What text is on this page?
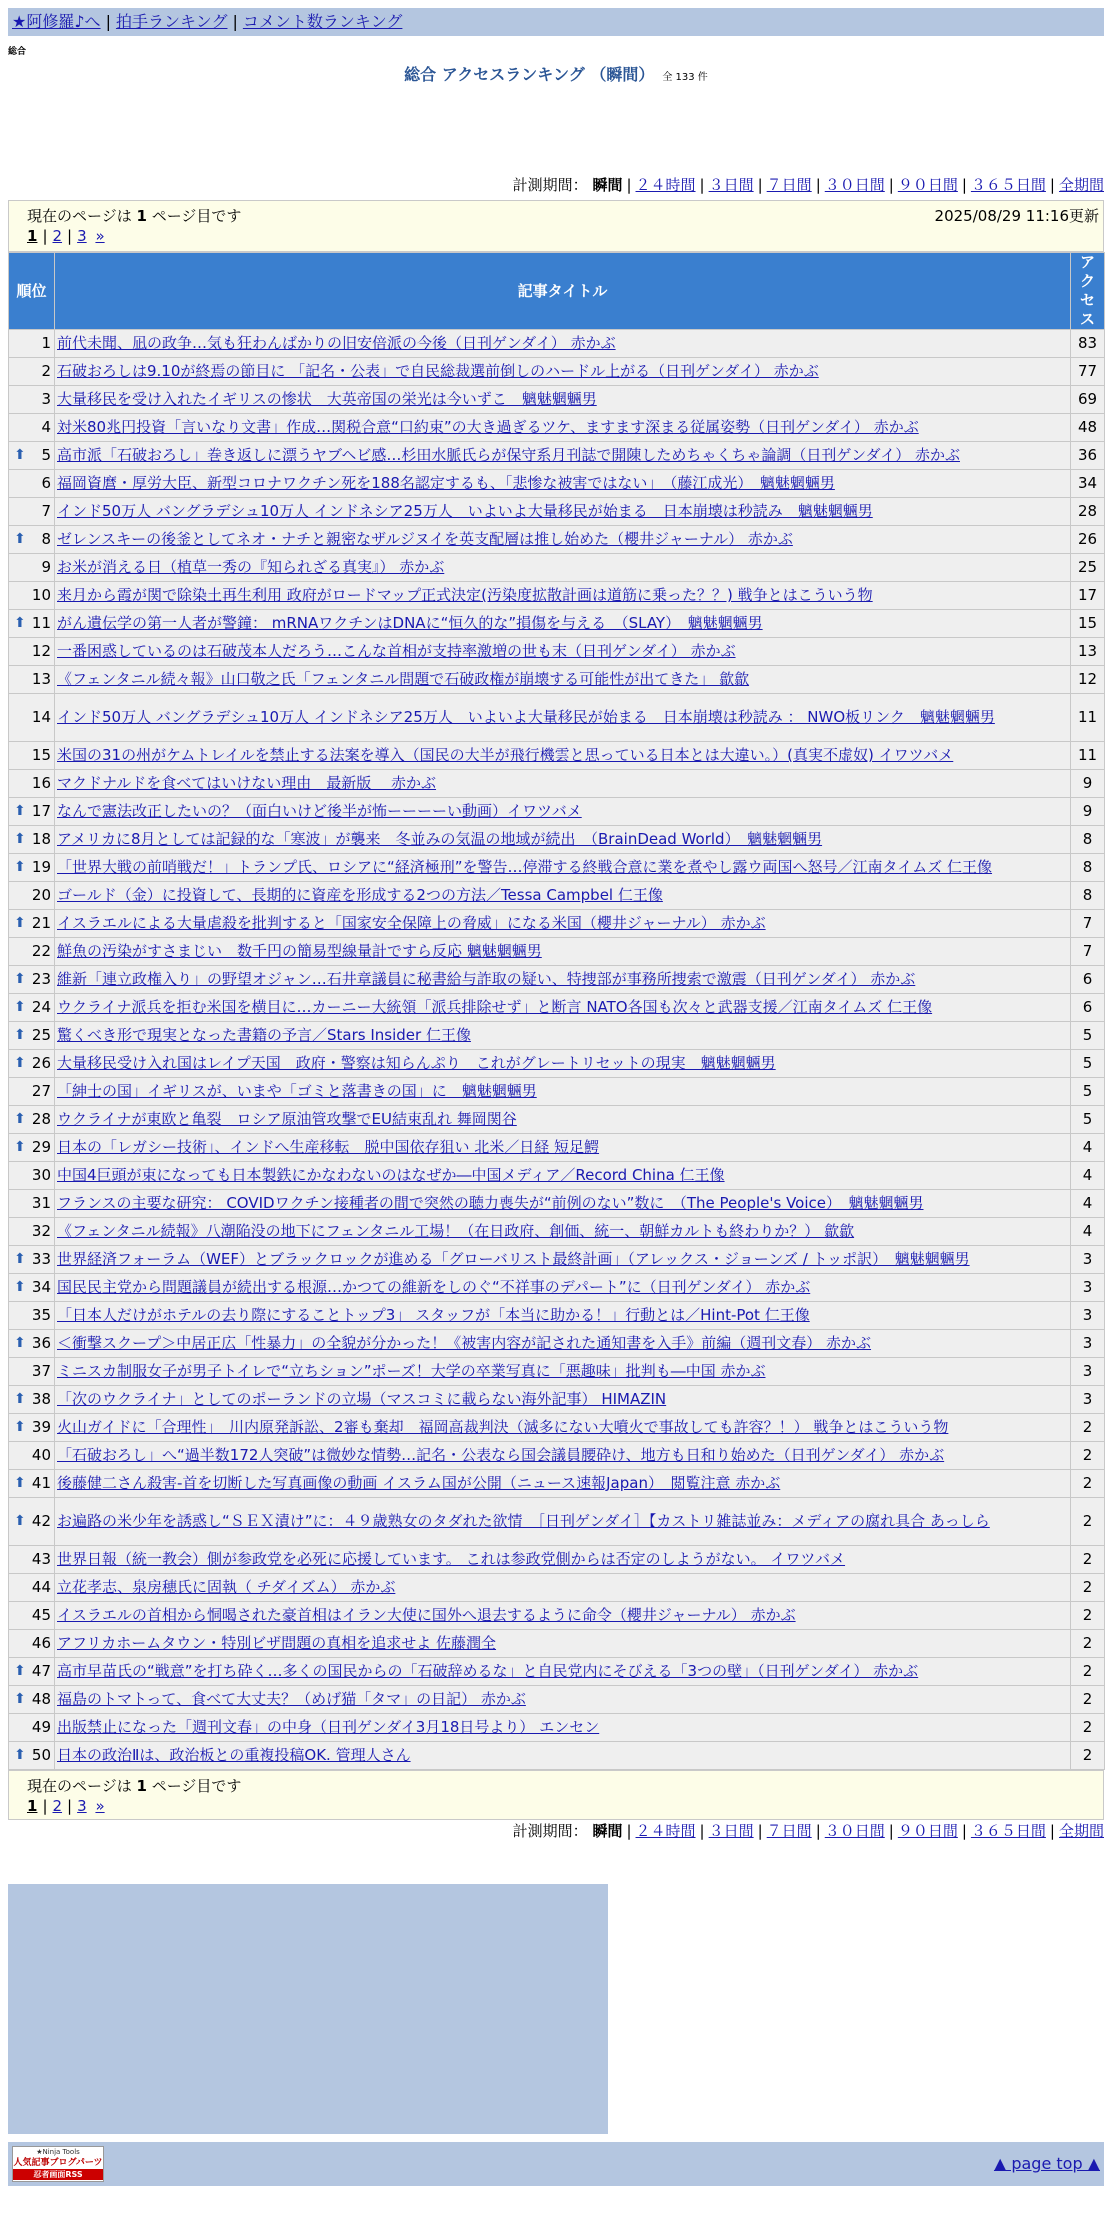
★阿修羅♪へ | 拍手ランキング | コメント数ランキング
総合
総合 アクセスランキング （瞬間） 全 133 件
計測期間： 瞬間 | ２４時間 | ３日間 | ７日間 | ３０日間 | ９０日間 | ３６５日間 | 全期間
現在のページは 1 ページ目です	2025/08/29 11:16更新
1 | 2 | 3 »
順位	記事タイトル	アクセス
1	前代未聞、凪の政争…気も狂わんばかりの旧安倍派の今後（日刊ゲンダイ） 赤かぶ	83
2	石破おろしは9.10が終焉の節目に 「記名・公表」で自民総裁選前倒しのハードル上がる（日刊ゲンダイ） 赤かぶ	77
3	大量移民を受け入れたイギリスの惨状　大英帝国の栄光は今いずこ　魑魅魍魎男	69
4	対米80兆円投資「言いなり文書」作成…関税合意“口約束”の大き過ぎるツケ、ますます深まる従属姿勢（日刊ゲンダイ） 赤かぶ	48

⬆ 5	高市派「石破おろし」巻き返しに漂うヤブヘビ感…杉田水脈氏らが保守系月刊誌で開陳しためちゃくちゃ論調（日刊ゲンダイ） 赤かぶ	36
6	福岡資麿・厚労大臣、新型コロナワクチン死を188名認定するも、「悲惨な被害ではない」　（藤江成光）　魑魅魍魎男	34
7	インド50万人 バングラデシュ10万人 インドネシア25万人　いよいよ大量移民が始まる　日本崩壊は秒読み　魑魅魍魎男	28

⬆ 8	ゼレンスキーの後釜としてネオ・ナチと親密なザルジヌイを英支配層は推し始めた（櫻井ジャーナル） 赤かぶ	26
9	お米が消える日（植草一秀の『知られざる真実』） 赤かぶ	25
10	来月から霞が関で除染土再生利用 政府がロードマップ正式決定(汚染度拡散計画は道筋に乗った？？) 戦争とはこういう物	17

⬆ 11	がん遺伝学の第一人者が警鐘： mRNAワクチンはDNAに“恒久的な”損傷を与える　（SLAY）　魑魅魍魎男	15
12	一番困惑しているのは石破茂本人だろう…こんな首相が支持率激増の世も末（日刊ゲンダイ） 赤かぶ	13
13	《フェンタニル続々報》山口敬之氏「フェンタニル問題で石破政権が崩壊する可能性が出てきた」 歙歙	12
14	インド50万人 バングラデシュ10万人 インドネシア25万人　いよいよ大量移民が始まる　日本崩壊は秒読み ： NWO板リンク　魑魅魍魎男	11
15	米国の31の州がケムトレイルを禁止する法案を導入（国民の大半が飛行機雲と思っている日本とは大違い。）(真実不虚奴) イワツバメ	11
16	マクドナルドを食べてはいけない理由　最新版　 赤かぶ	9

⬆ 17	なんで憲法改正したいの？（面白いけど後半が怖ーーーーい動画）イワツバメ	9

⬆ 18	アメリカに8月としては記録的な「寒波」が襲来　冬並みの気温の地域が続出　（BrainDead World）　魑魅魍魎男	8

⬆ 19	「世界大戦の前哨戦だ！」トランプ氏、ロシアに“経済極刑”を警告…停滞する終戦合意に業を煮やし露ウ両国へ怒号／江南タイムズ 仁王像	8
20	ゴールド（金）に投資して、長期的に資産を形成する2つの方法／Tessa Campbel 仁王像	8

⬆ 21	イスラエルによる大量虐殺を批判すると「国家安全保障上の脅威」になる米国（櫻井ジャーナル） 赤かぶ	7
22	鮮魚の汚染がすさまじい　数千円の簡易型線量計ですら反応 魑魅魍魎男	7

⬆ 23	維新「連立政権入り」の野望オジャン…石井章議員に秘書給与詐取の疑い、特捜部が事務所捜索で激震（日刊ゲンダイ） 赤かぶ	6

⬆ 24	ウクライナ派兵を拒む米国を横目に…カーニー大統領「派兵排除せず」と断言 NATO各国も次々と武器支援／江南タイムズ 仁王像	6

⬆ 25	驚くべき形で現実となった書籍の予言／Stars Insider 仁王像	5

⬆ 26	大量移民受け入れ国はレイプ天国　政府・警察は知らんぷり　これがグレートリセットの現実　魑魅魍魎男	5
27	「紳士の国」イギリスが、いまや「ゴミと落書きの国」に　魑魅魍魎男	5

⬆ 28	ウクライナが東欧と亀裂　ロシア原油管攻撃でEU結束乱れ 舞岡関谷	5

⬆ 29	日本の「レガシー技術」、インドへ生産移転　脱中国依存狙い 北米／日経 短足鰐	4
30	中国4巨頭が束になっても日本製鉄にかなわないのはなぜか―中国メディア／Record China 仁王像	4
31	フランスの主要な研究： COVIDワクチン接種者の間で突然の聴力喪失が“前例のない”数に　（The People's Voice）　魑魅魍魎男	4
32	《フェンタニル続報》八潮陥没の地下にフェンタニル工場！（在日政府、創価、統一、朝鮮カルトも終わりか？） 歙歙	4

⬆ 33	世界経済フォーラム（WEF）とブラックロックが進める「グローバリスト最終計画」（アレックス・ジョーンズ / トッポ訳）　魑魅魍魎男	3

⬆ 34	国民民主党から問題議員が続出する根源…かつての維新をしのぐ“不祥事のデパート”に（日刊ゲンダイ） 赤かぶ	3
35	「日本人だけがホテルの去り際にすることトップ3」 スタッフが「本当に助かる！」行動とは／Hint-Pot 仁王像	3

⬆ 36	＜衝撃スクープ＞中居正広「性暴力」の全貌が分かった！《被害内容が記された通知書を入手》前編（週刊文春） 赤かぶ	3
37	ミニスカ制服女子が男子トイレで“立ちション”ポーズ！大学の卒業写真に「悪趣味」批判も―中国 赤かぶ	3

⬆ 38	「次のウクライナ」としてのポーランドの立場（マスコミに載らない海外記事） HIMAZIN	3

⬆ 39	火山ガイドに「合理性」　川内原発訴訟、2審も棄却　福岡高裁判決（滅多にない大噴火で事故しても許容？！） 戦争とはこういう物	2
40	「石破おろし」へ“過半数172人突破”は微妙な情勢…記名・公表なら国会議員腰砕け、地方も日和り始めた（日刊ゲンダイ） 赤かぶ	2

⬆ 41	後藤健二さん殺害-首を切断した写真画像の動画 イスラム国が公開（ニュース速報Japan）　閲覧注意 赤かぶ	2

⬆ 42	お遍路の米少年を誘惑し“ＳＥＸ漬け”に：４９歳熟女のタダれた欲情　［日刊ゲンダイ］【カストリ雑誌並み：メディアの腐れ具合 あっしら	2
43	世界日報（統一教会）側が参政党を必死に応援しています。 これは参政党側からは否定のしようがない。 イワツバメ	2
44	立花孝志、泉房穂氏に固執（ チダイズム） 赤かぶ	2
45	イスラエルの首相から恫喝された豪首相はイラン大使に国外へ退去するように命令（櫻井ジャーナル） 赤かぶ	2
46	アフリカホームタウン・特別ビザ問題の真相を追求せよ 佐藤潤全	2

⬆ 47	高市早苗氏の“戦意”を打ち砕く…多くの国民からの「石破辞めるな」と自民党内にそびえる「3つの壁」（日刊ゲンダイ） 赤かぶ	2

⬆ 48	福島のトマトって、食べて大丈夫？（めげ猫「タマ」の日記） 赤かぶ	2
49	出版禁止になった「週刊文春」の中身（日刊ゲンダイ3月18日号より） エンセン	2

⬆ 50	日本の政治Ⅱは、政治板との重複投稿OK. 管理人さん	2
現在のページは 1 ページ目です
1 | 2 | 3 »
計測期間： 瞬間 | ２４時間 | ３日間 | ７日間 | ３０日間 | ９０日間 | ３６５日間 | 全期間
★Ninja Tools
人気記事ブログパーツ
忍者画面RSS
▲ page top ▲
